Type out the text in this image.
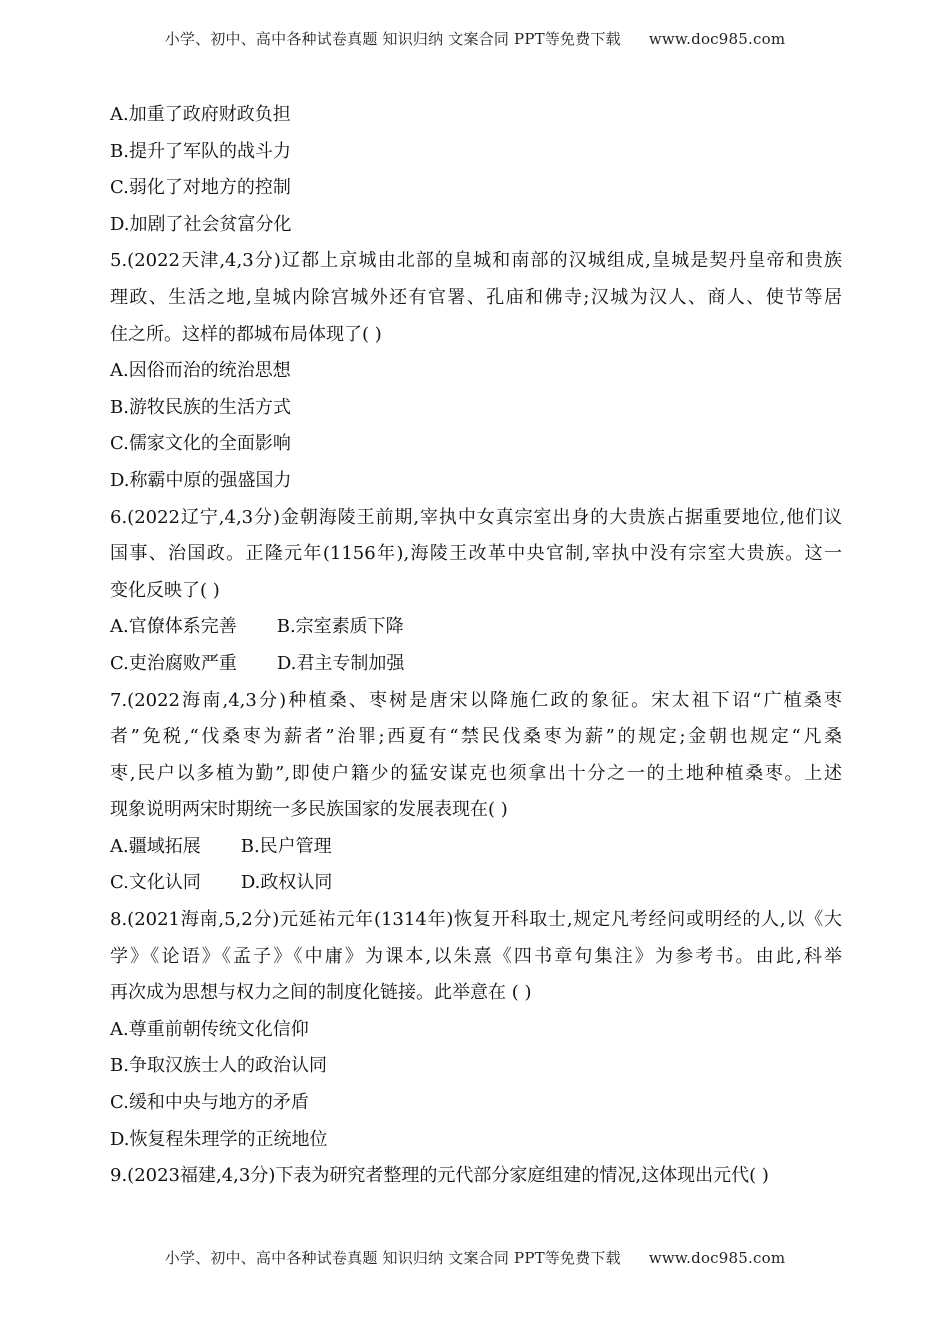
小学、初中、高中各种试卷真题 知识归纳 文案合同 PPT等免费下载 www.doc985.com
A.加重了政府财政负担
B.提升了军队的战斗力
C.弱化了对地方的控制
D.加剧了社会贫富分化
5.(2022天津,4,3分)辽都上京城由北部的皇城和南部的汉城组成,皇城是契丹皇帝和贵族
理政、生活之地,皇城内除宫城外还有官署、孔庙和佛寺;汉城为汉人、商人、使节等居
住之所。这样的都城布局体现了( )
A.因俗而治的统治思想
B.游牧民族的生活方式
C.儒家文化的全面影响
D.称霸中原的强盛国力
6.(2022辽宁,4,3分)金朝海陵王前期,宰执中女真宗室出身的大贵族占据重要地位,他们议
国事、治国政。正隆元年(1156年),海陵王改革中央官制,宰执中没有宗室大贵族。这一
变化反映了( )
A.官僚体系完善 B.宗室素质下降
C.吏治腐败严重 D.君主专制加强
7.(2022海南,4,3分)种植桑、枣树是唐宋以降施仁政的象征。宋太祖下诏“广植桑枣
者”免税,“伐桑枣为薪者”治罪;西夏有“禁民伐桑枣为薪”的规定;金朝也规定“凡桑
枣,民户以多植为勤”,即使户籍少的猛安谋克也须拿出十分之一的土地种植桑枣。上述
现象说明两宋时期统一多民族国家的发展表现在( )
A.疆域拓展 B.民户管理
C.文化认同 D.政权认同
8.(2021海南,5,2分)元延祐元年(1314年)恢复开科取士,规定凡考经问或明经的人,以《大
学》《论语》《孟子》《中庸》为课本,以朱熹《四书章句集注》为参考书。由此,科举
再次成为思想与权力之间的制度化链接。此举意在 ( )
A.尊重前朝传统文化信仰
B.争取汉族士人的政治认同
C.缓和中央与地方的矛盾
D.恢复程朱理学的正统地位
9.(2023福建,4,3分)下表为研究者整理的元代部分家庭组建的情况,这体现出元代( )
小学、初中、高中各种试卷真题 知识归纳 文案合同 PPT等免费下载 www.doc985.com
